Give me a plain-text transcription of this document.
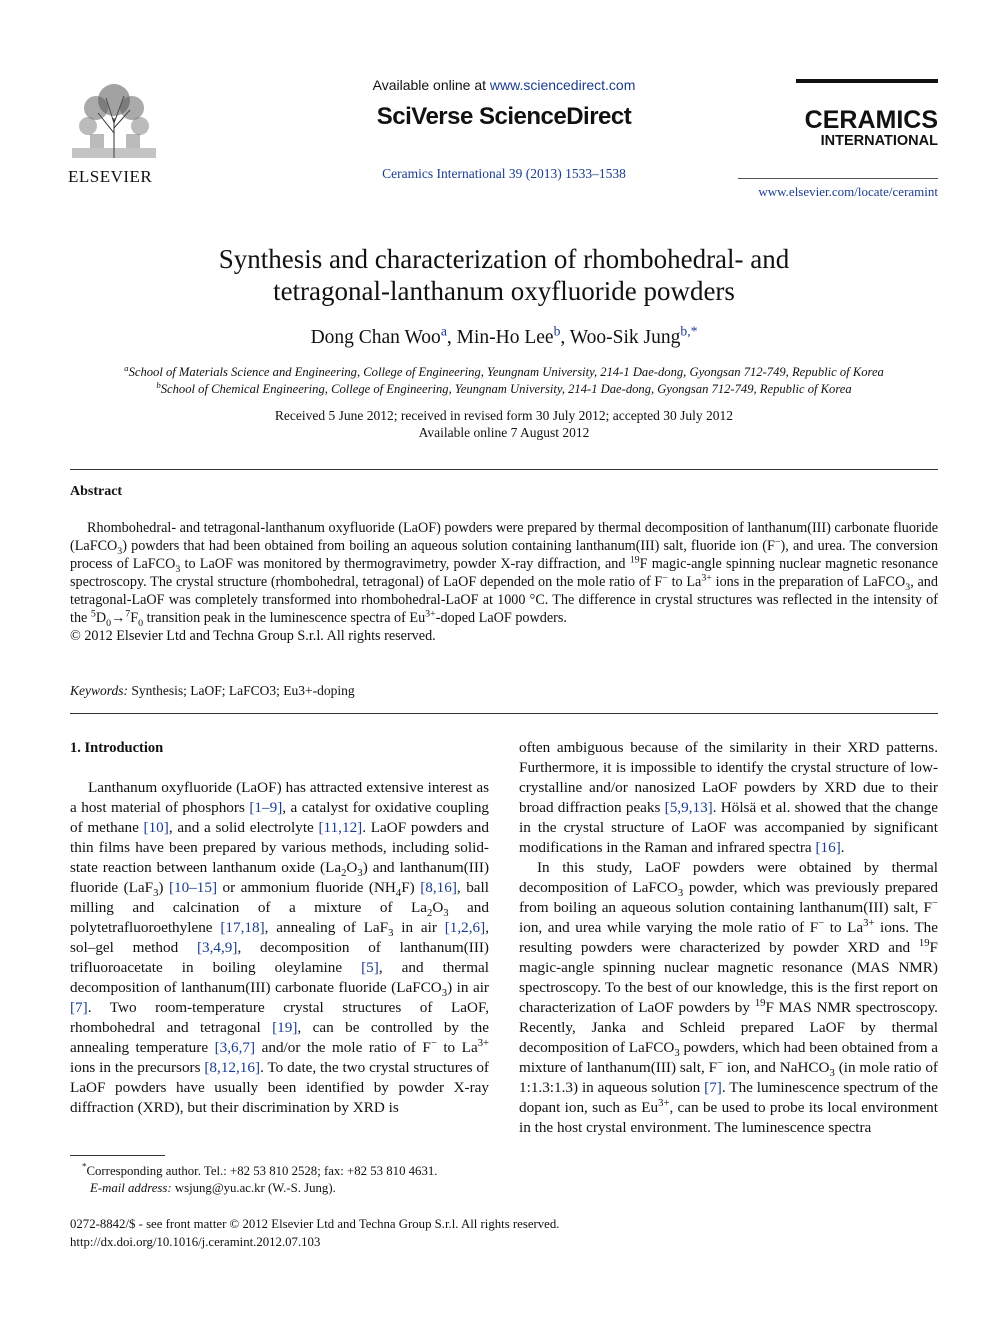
ELSEVIER
Available online at www.sciencedirect.com
SciVerse ScienceDirect
Ceramics International 39 (2013) 1533–1538
CERAMICS
INTERNATIONAL
www.elsevier.com/locate/ceramint
Synthesis and characterization of rhombohedral- and
tetragonal-lanthanum oxyfluoride powders
Dong Chan Woo$^a$, Min-Ho Lee$^b$, Woo-Sik Jung$^{b,*}$
$^a$School of Materials Science and Engineering, College of Engineering, Yeungnam University, 214-1 Dae-dong, Gyongsan 712-749, Republic of Korea
$^b$School of Chemical Engineering, College of Engineering, Yeungnam University, 214-1 Dae-dong, Gyongsan 712-749, Republic of Korea
Received 5 June 2012; received in revised form 30 July 2012; accepted 30 July 2012
Available online 7 August 2012
Abstract

Rhombohedral- and tetragonal-lanthanum oxyfluoride (LaOF) powders were prepared by thermal decomposition of lanthanum(III) carbonate fluoride (LaFCO$_3$) powders that had been obtained from boiling an aqueous solution containing lanthanum(III) salt, fluoride ion (F−), and urea. The conversion process of LaFCO$_3$ to LaOF was monitored by thermogravimetry, powder X-ray diffraction, and $^{19}$F magic-angle spinning nuclear magnetic resonance spectroscopy. The crystal structure (rhombohedral, tetragonal) of LaOF depended on the mole ratio of F− to $La^{3+}$ ions in the preparation of LaFCO$_3$, and tetragonal-LaOF was completely transformed into rhombohedral-LaOF at 1000 °C. The difference in crystal structures was reflected in the intensity of the $^5D_0\to^7F_0$ transition peak in the luminescence spectra of $Eu^{3+}$-doped LaOF powders.

© 2012 Elsevier Ltd and Techna Group S.r.l. All rights reserved.

Keywords: Synthesis; LaOF; LaFCO3; Eu3+-doping

1. Introduction

Lanthanum oxyfluoride (LaOF) has attracted extensive interest as a host material of phosphors [1–9], a catalyst for oxidative coupling of methane [10], and a solid electrolyte [11,12]. LaOF powders and thin films have been prepared by various methods, including solid-state reaction between lanthanum oxide $(La_2O_3)$ and lanthanum(III) fluoride (LaF$_3$) [10–15] or ammonium fluoride $(NH_4F)$ [8,16], ball milling and calcination of a mixture of $La_2O_3$ and polytetrafluoroethylene [17,18], annealing of LaF$_3$ in air [1,2,6], sol–gel method [3,4,9], decomposition of lanthanum(III) trifluoroacetate in boiling oleylamine [5], and thermal decomposition of lanthanum(III) carbonate fluoride (LaFCO$_3$) in air [7]. Two room-temperature crystal structures of LaOF, rhombohedral and tetragonal [19], can be controlled by the annealing temperature [3,6,7] and/or the mole ratio of F− to $La^{3+}$ ions in the precursors [8,12,16]. To date, the two crystal structures of LaOF powders have usually been identified by powder X-ray diffraction (XRD), but their discrimination by XRD is

*Corresponding author. Tel.: +82 53 810 2528; fax: +82 53 810 4631.
E-mail address: wsjung@yu.ac.kr (W.-S. Jung).

often ambiguous because of the similarity in their XRD patterns. Furthermore, it is impossible to identify the crystal structure of low-crystalline and/or nanosized LaOF powders by XRD due to their broad diffraction peaks [5,9,13]. Hölsä et al. showed that the change in the crystal structure of LaOF was accompanied by significant modifications in the Raman and infrared spectra [16].

In this study, LaOF powders were obtained by thermal decomposition of LaFCO$_3$ powder, which was previously prepared from boiling an aqueous solution containing lanthanum(III) salt, F− ion, and urea while varying the mole ratio of F− to $La^{3+}$ ions. The resulting powders were characterized by powder XRD and $^{19}$F magic-angle spinning nuclear magnetic resonance (MAS NMR) spectroscopy. To the best of our knowledge, this is the first report on characterization of LaOF powders by $^{19}$F MAS NMR spectroscopy. Recently, Janka and Schleid prepared LaOF by thermal decomposition of LaFCO$_3$ powders, which had been obtained from a mixture of lanthanum(III) salt, F− ion, and NaHCO$_3$ (in mole ratio of 1:1.3:1.3) in aqueous solution [7]. The luminescence spectrum of the dopant ion, such as $Eu^{3+}$, can be used to probe its local environment in the host crystal environment. The luminescence spectra

0272-8842/$ - see front matter © 2012 Elsevier Ltd and Techna Group S.r.l. All rights reserved.
http://dx.doi.org/10.1016/j.ceramint.2012.07.103
